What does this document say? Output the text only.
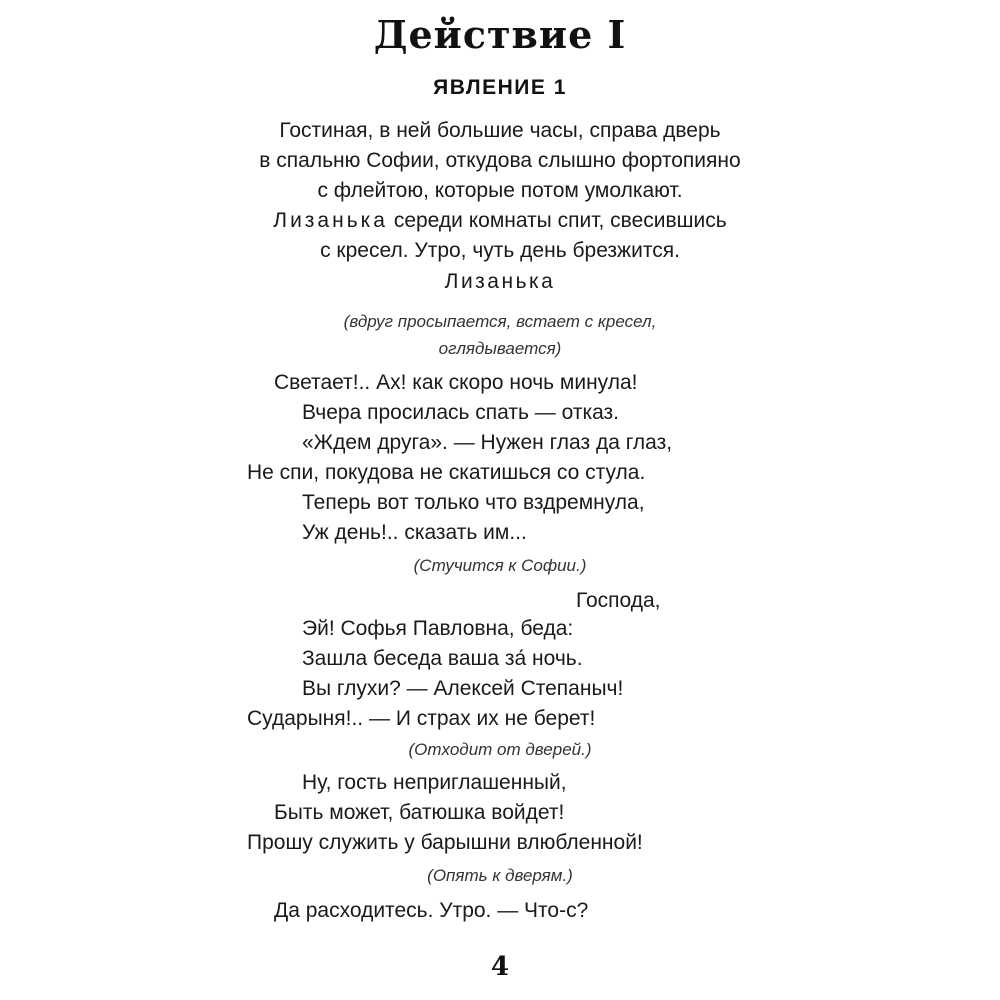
Действие I
ЯВЛЕНИЕ 1
Гостиная, в ней большие часы, справа дверь
в спальню Софии, откудова слышно фортопияно
с флейтою, которые потом умолкают.
Лизанька середи комнаты спит, свесившись
с кресел. Утро, чуть день брезжится.
Лизанька
(вдруг просыпается, встает с кресел,
оглядывается)
Светает!.. Ах! как скоро ночь минула!
Вчера просилась спать — отказ.
«Ждем друга». — Нужен глаз да глаз,
Не спи, покудова не скатишься со стула.
Теперь вот только что вздремнула,
Уж день!.. сказать им...
(Стучится к Софии.)
Господа,
Эй! Софья Павловна, беда:
Зашла беседа ваша за́ ночь.
Вы глухи? — Алексей Степаныч!
Сударыня!.. — И страх их не берет!
(Отходит от дверей.)
Ну, гость неприглашенный,
Быть может, батюшка войдет!
Прошу служить у барышни влюбленной!
(Опять к дверям.)
Да расходитесь. Утро. — Что-с?
4
